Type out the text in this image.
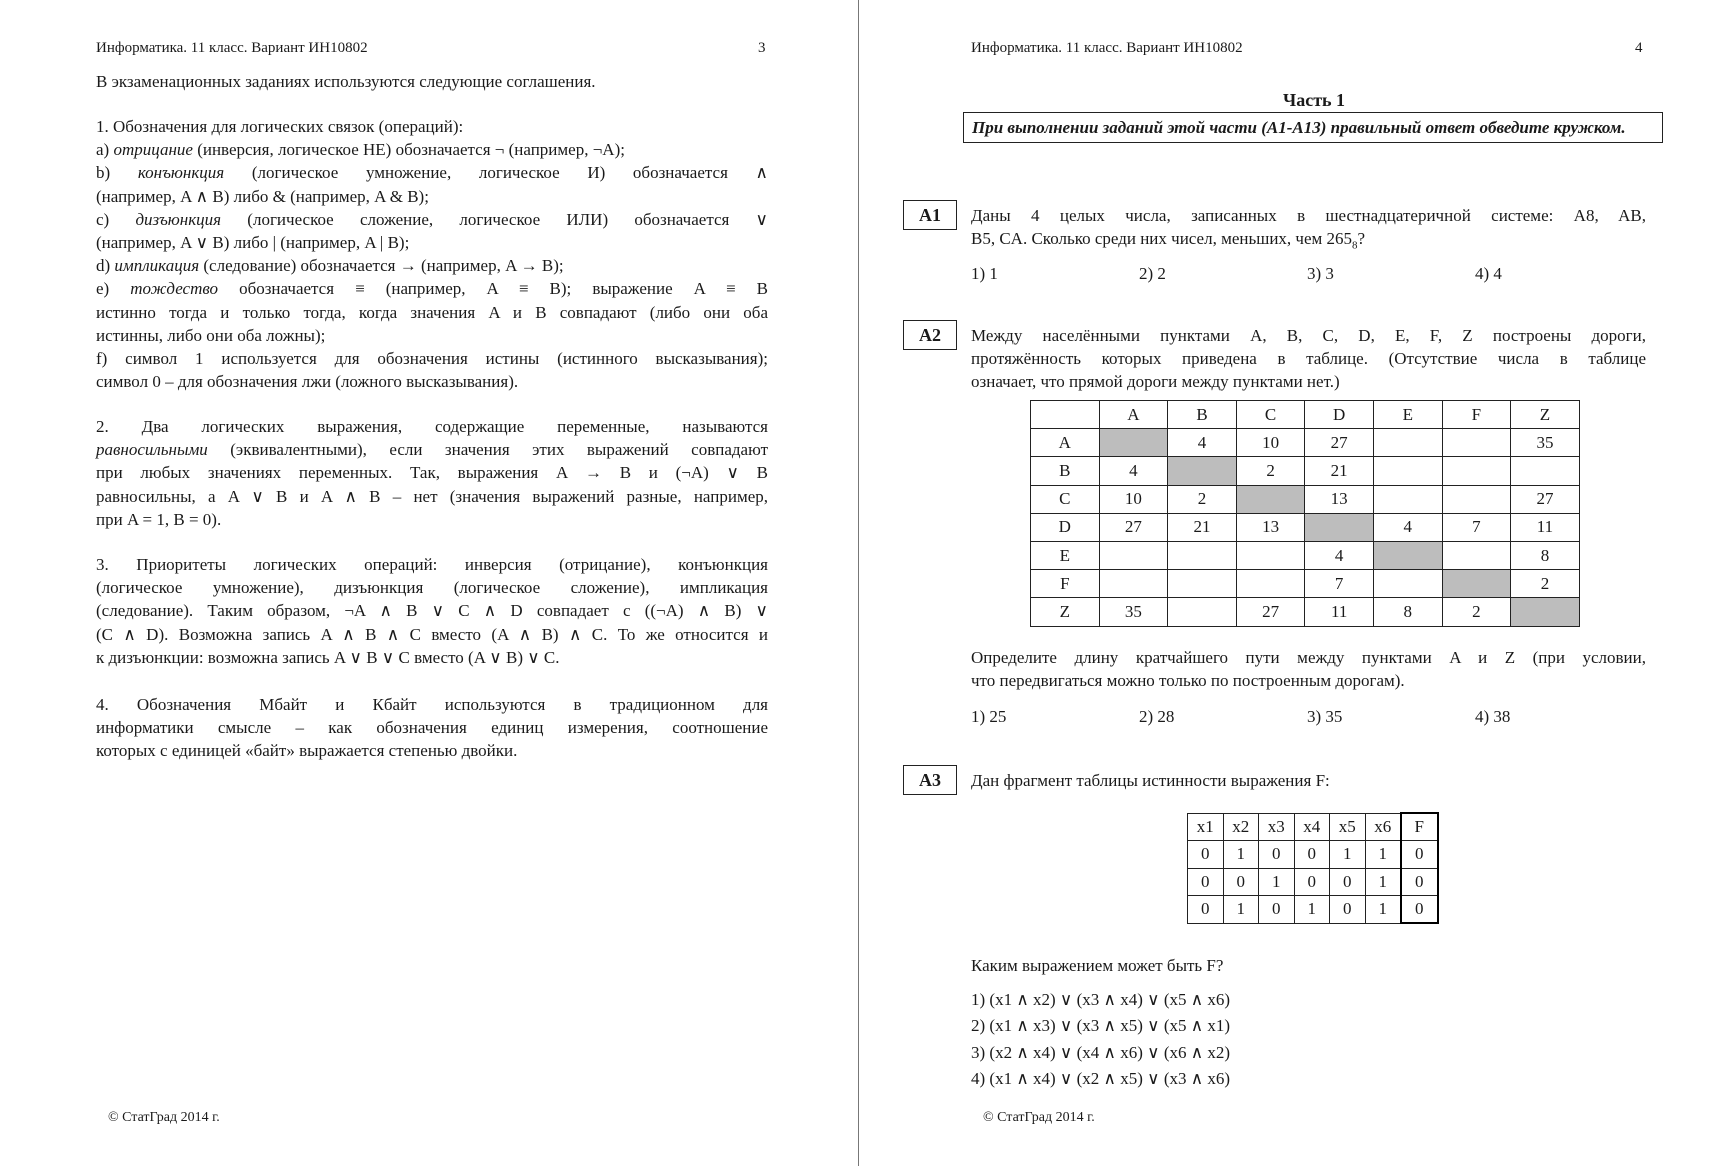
Информатика. 11 класс. Вариант ИН10802	3
В экзаменационных заданиях используются следующие соглашения.
1. Обозначения для логических связок (операций):
a) отрицание (инверсия, логическое НЕ) обозначается ¬ (например, ¬A);
b) конъюнкция (логическое умножение, логическое И) обозначается ∧
(например, A ∧ B) либо & (например, A & B);
c) дизъюнкция (логическое сложение, логическое ИЛИ) обозначается ∨
(например, A ∨ B) либо | (например, A | B);
d) импликация (следование) обозначается → (например, A → B);
e) тождество обозначается ≡ (например, A ≡ B); выражение A ≡ B
истинно тогда и только тогда, когда значения A и B совпадают (либо они оба
истинны, либо они оба ложны);
f) символ 1 используется для обозначения истины (истинного высказывания);
символ 0 – для обозначения лжи (ложного высказывания).
2. Два логических выражения, содержащие переменные, называются
равносильными (эквивалентными), если значения этих выражений совпадают
при любых значениях переменных. Так, выражения A → B и (¬A) ∨ B
равносильны, а A ∨ B и A ∧ B – нет (значения выражений разные, например,
при A = 1, B = 0).
3. Приоритеты логических операций: инверсия (отрицание), конъюнкция
(логическое умножение), дизъюнкция (логическое сложение), импликация
(следование). Таким образом, ¬A ∧ B ∨ C ∧ D совпадает с ((¬A) ∧ B) ∨
(C ∧ D). Возможна запись A ∧ B ∧ C вместо (A ∧ B) ∧ C. То же относится и
к дизъюнкции: возможна запись A ∨ B ∨ C вместо (A ∨ B) ∨ C.
4. Обозначения Мбайт и Кбайт используются в традиционном для
информатики смысле – как обозначения единиц измерения, соотношение
которых с единицей «байт» выражается степенью двойки.
© СтатГрад 2014 г.
Информатика. 11 класс. Вариант ИН10802	4
Часть 1
При выполнении заданий этой части (А1-А13) правильный ответ обведите кружком.
A1	Даны 4 целых числа, записанных в шестнадцатеричной системе: A8, AB,
B5, CA. Сколько среди них чисел, меньших, чем $265_8$?
1) 1	2) 2	3) 3	4) 4
A2	Между населёнными пунктами A, B, C, D, E, F, Z построены дороги,
протяжённость которых приведена в таблице. (Отсутствие числа в таблице
означает, что прямой дороги между пунктами нет.)
	A	B	C	D	E	F	Z
A		4	10	27			35
B	4		2	21			
C	10	2		13			27
D	27	21	13		4	7	11
E				4			8
F				7			2
Z	35		27	11	8	2	
Определите длину кратчайшего пути между пунктами A и Z (при условии,
что передвигаться можно только по построенным дорогам).
1) 25	2) 28	3) 35	4) 38
A3	Дан фрагмент таблицы истинности выражения F:
x1	x2	x3	x4	x5	x6	F
0	1	0	0	1	1	0
0	0	1	0	0	1	0
0	1	0	1	0	1	0
Каким выражением может быть F?
1) (x1 ∧ x2) ∨ (x3 ∧ x4) ∨ (x5 ∧ x6)
2) (x1 ∧ x3) ∨ (x3 ∧ x5) ∨ (x5 ∧ x1)
3) (x2 ∧ x4) ∨ (x4 ∧ x6) ∨ (x6 ∧ x2)
4) (x1 ∧ x4) ∨ (x2 ∧ x5) ∨ (x3 ∧ x6)
© СтатГрад 2014 г.
